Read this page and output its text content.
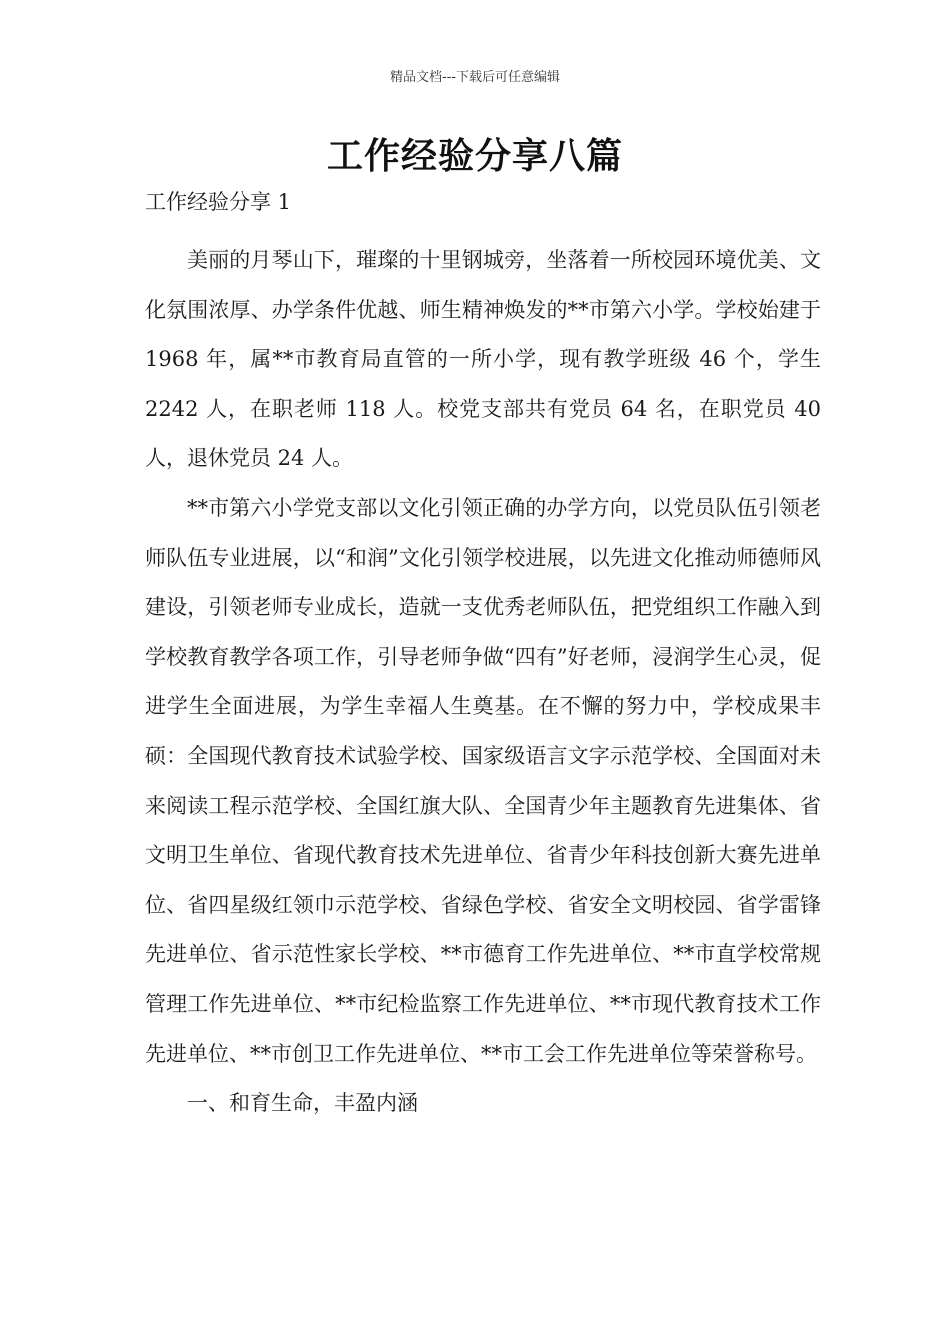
精品文档---下载后可任意编辑
工作经验分享八篇

工作经验分享 1

美丽的月琴山下，璀璨的十里钢城旁，坐落着一所校园环境优美、文化氛围浓厚、办学条件优越、师生精神焕发的**市第六小学。学校始建于 1968 年，属**市教育局直管的一所小学，现有教学班级 46 个，学生 2242 人，在职老师 118 人。校党支部共有党员 64 名，在职党员 40 人，退休党员 24 人。

**市第六小学党支部以文化引领正确的办学方向，以党员队伍引领老师队伍专业进展，以“和润”文化引领学校进展，以先进文化推动师德师风建设，引领老师专业成长，造就一支优秀老师队伍，把党组织工作融入到学校教育教学各项工作，引导老师争做“四有”好老师，浸润学生心灵，促进学生全面进展，为学生幸福人生奠基。在不懈的努力中，学校成果丰硕：全国现代教育技术试验学校、国家级语言文字示范学校、全国面对未来阅读工程示范学校、全国红旗大队、全国青少年主题教育先进集体、省文明卫生单位、省现代教育技术先进单位、省青少年科技创新大赛先进单位、省四星级红领巾示范学校、省绿色学校、省安全文明校园、省学雷锋先进单位、省示范性家长学校、**市德育工作先进单位、**市直学校常规管理工作先进单位、**市纪检监察工作先进单位、**市现代教育技术工作先进单位、**市创卫工作先进单位、**市工会工作先进单位等荣誉称号。

一、和育生命，丰盈内涵
